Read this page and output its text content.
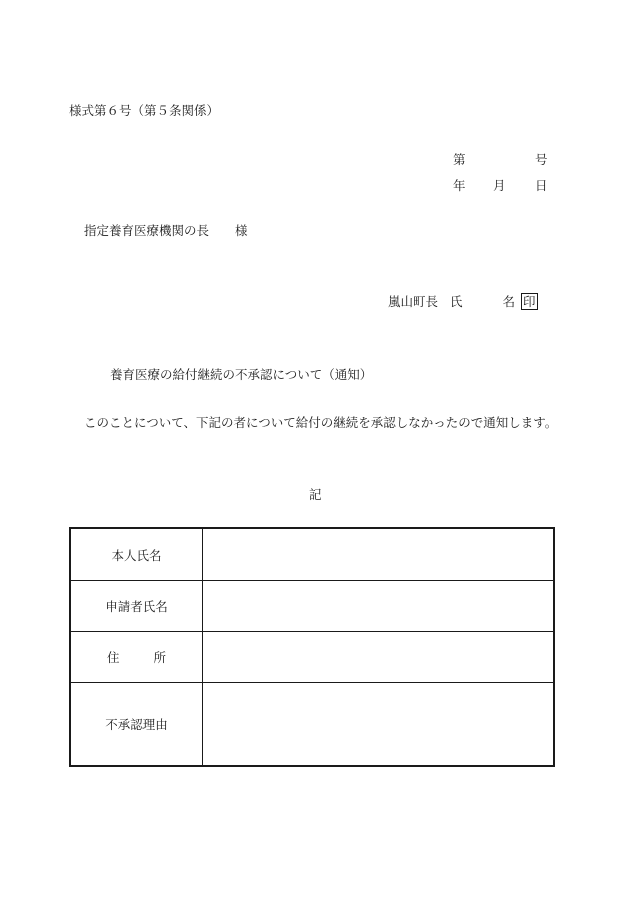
様式第６号（第５条関係）
第	号
年 月 日
指定養育医療機関の長 様
嵐山町長 氏	名 印
養育医療の給付継続の不承認について（通知）
このことについて、下記の者について給付の継続を承認しなかったので通知します。
記
本人氏名	
申請者氏名	
住 所	
不承認理由	
